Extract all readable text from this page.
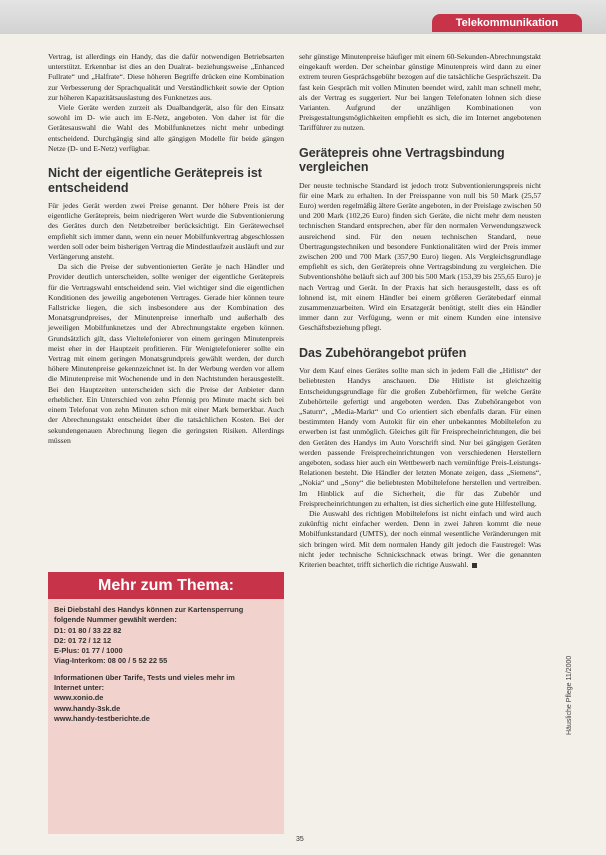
Telekommunikation

Vertrag, ist allerdings ein Handy, das die dafür notwendigen Betriebsarten unterstützt. Erkennbar ist dies an den Dualrat- beziehungsweise „Enhanced Fullrate“ und „Halfrate“. Diese höheren Begriffe drücken eine Kombination zur Verbesserung der Sprachqualität und Verständlichkeit sowie der Option zur höheren Kapazitätsauslastung des Funknetzes aus.

Viele Geräte werden zurzeit als Dualbandgerät, also für den Einsatz sowohl im D- wie auch im E-Netz, angeboten. Von daher ist für die Gerätesauswahl die Wahl des Mobilfunknetzes nicht mehr unbedingt entscheidend. Durchgängig sind alle gängigen Modelle für beide gängen Netze (D- und E-Netz) verfügbar.

Nicht der eigentliche Gerätepreis ist entscheidend

Für jedes Gerät werden zwei Preise genannt. Der höhere Preis ist der eigentliche Gerätepreis, beim niedrigeren Wert wurde die Subventionierung des Gerätes durch den Netzbetreiber berücksichtigt. Ein Gerätewechsel empfiehlt sich immer dann, wenn ein neuer Mobilfunkvertrag abgeschlossen werden soll oder beim bisherigen Vertrag die Mindestlaufzeit ausläuft und zur Verlängerung ansteht.

Da sich die Preise der subventionierten Geräte je nach Händler und Provider deutlich unterscheiden, sollte weniger der eigentliche Gerätepreis für die Vertragswahl entscheidend sein. Viel wichtiger sind die eigentlichen Konditionen des jeweilig angebotenen Vertrages. Gerade hier können teure Fallstricke liegen, die sich insbesondere aus der Kombination des Monatsgrundpreises, der Minutenpreise innerhalb und außerhalb des jeweiligen Mobilfunknetzes und der Abrechnungstakte ergeben können. Grundsätzlich gilt, dass Vieltelefonierer von einem geringen Minutenpreis meist eher in der Hauptzeit profitieren. Für Wenigtelefonierer sollte ein Vertrag mit einem geringen Monatsgrundpreis gewählt werden, der durch höhere Minutenpreise gekennzeichnet ist. In der Werbung werden vor allem die Minutenpreise mit Wochenende und in den Nachtstunden herausgestellt. Bei den Hauptzeiten unterscheiden sich die Preise der Anbieter dann erheblicher. Ein Unterschied von zehn Pfennig pro Minute macht sich bei einem Telefonat von zehn Minuten schon mit einer Mark bemerkbar. Auch der Abrechnungstakt entscheidet über die tatsächlichen Kosten. Bei der sekundengenauen Abrechnung liegen die geringsten Risiken. Allerdings müssen

Mehr zum Thema:
Bei Diebstahl des Handys können zur Kartensperrung
folgende Nummer gewählt werden:
D1: 01 80 / 33 22 82
D2: 01 72 / 12 12
E-Plus: 01 77 / 1000
Viag-Interkom: 08 00 / 5 52 22 55
Informationen über Tarife, Tests und vieles mehr im
Internet unter:
www.xonio.de
www.handy-3sk.de
www.handy-testberichte.de

sehr günstige Minutenpreise häufiger mit einem 60-Sekunden-Abrechnungstakt eingekauft werden. Der scheinbar günstige Minutenpreis wird dann zu einer extrem teuren Gesprächsgebühr bezogen auf die tatsächliche Gesprächszeit. Da fast kein Gespräch mit vollen Minuten beendet wird, zahlt man schnell mehr, als der Vertrag es suggeriert. Nur bei langen Telefonaten lohnen sich diese Varianten. Aufgrund der unzähligen Kombinationen von Preisgestaltungsmöglichkeiten empfiehlt es sich, die im Internet angebotenen Tarifführer zu nutzen.

Gerätepreis ohne Vertragsbindung vergleichen

Der neuste technische Standard ist jedoch trotz Subventionierungspreis nicht für eine Mark zu erhalten. In der Preisspanne von null bis 50 Mark (25,57 Euro) werden regelmäßig ältere Geräte angeboten, in der Preislage zwischen 50 und 200 Mark (102,26 Euro) finden sich Geräte, die nicht mehr dem neusten technischen Standard entsprechen, aber für den normalen Verwendungszweck ausreichend sind. Für den neuen technischen Standard, neue Übertragungstechniken und besondere Funktionalitäten wird der Preis immer zwischen 200 und 700 Mark (357,90 Euro) liegen. Als Vergleichsgrundlage empfiehlt es sich, den Gerätepreis ohne Vertragsbindung zu vergleichen. Die Subventionshöhe beläuft sich auf 300 bis 500 Mark (153,39 bis 255,65 Euro) je nach Vertrag und Gerät. In der Praxis hat sich herausgestellt, dass es oft lohnend ist, mit einem Händler bei einem größeren Gerätebedarf einmal zusammenzuarbeiten. Wird ein Ersatzgerät benötigt, stellt dies ein Händler immer dann zur Verfügung, wenn er mit einem Kunden eine intensive Geschäftsbeziehung pflegt.

Das Zubehörangebot prüfen

Vor dem Kauf eines Gerätes sollte man sich in jedem Fall die „Hitliste“ der beliebtesten Handys anschauen. Die Hitliste ist gleichzeitig Entscheidungsgrundlage für die großen Zubehörfirmen, für welche Geräte Zubehörteile gefertigt und angeboten werden. Das Zubehörangebot von „Saturn“, „Media-Markt“ und Co orientiert sich ebenfalls daran. Für einen bestimmten Handy vom Autokit für ein eher unbekanntes Mobiltelefon zu erwerben ist fast unmöglich. Gleiches gilt für Freisprecheinrichtungen, die bei den Geräten des Handys im Auto Vorschrift sind. Nur bei gängigen Geräten werden passende Freisprecheinrichtungen von verschiedenen Herstellern angeboten, sodass hier auch ein Wettbewerb nach vernünftige Preis-Leistungs-Relationen besteht. Die Händler der letzten Monate zeigen, dass „Siemens“, „Nokia“ und „Sony“ die beliebtesten Mobiltelefone herstellen und vertreiben. Im Hinblick auf die Sicherheit, die für das Zubehör und Freisprecheinrichtungen zu erhalten, ist dies sicherlich eine gute Hilfestellung.

Die Auswahl des richtigen Mobiltelefons ist nicht einfach und wird auch zukünftig nicht einfacher werden. Denn in zwei Jahren kommt die neue Mobilfunkstandard (UMTS), der noch einmal wesentliche Veränderungen mit sich bringen wird. Mit dem normalen Handy gilt jedoch die Faustregel: Was nicht jeder technische Schnickschnack etwas bringt. Wer die genannten Kriterien beachtet, trifft sicherlich die richtige Auswahl.

Häusliche Pflege 11/2000
35
